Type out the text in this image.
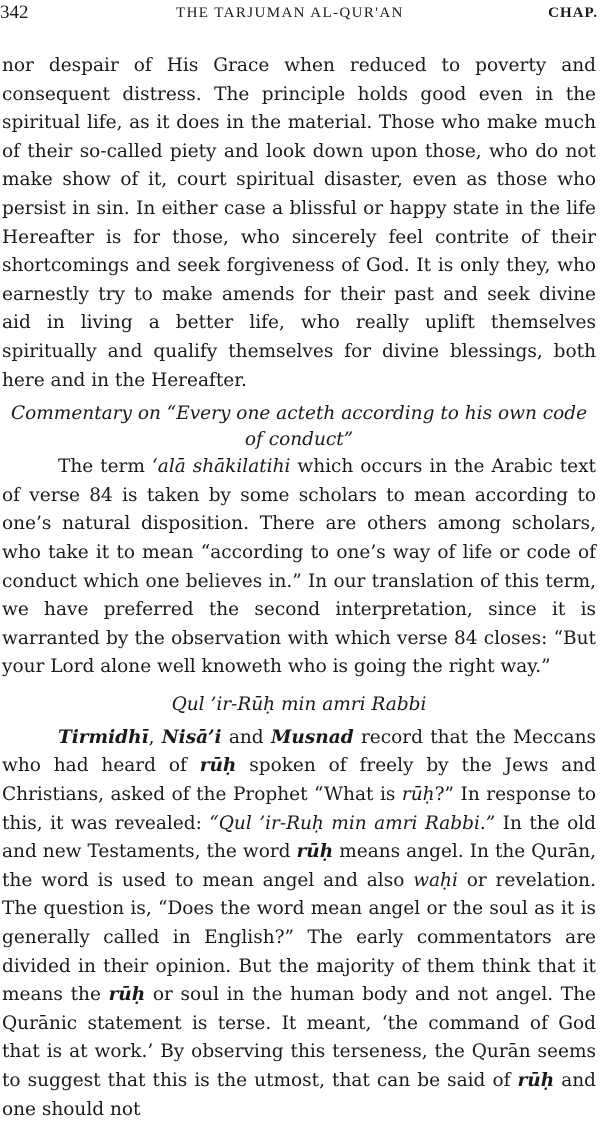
342	THE TARJUMAN AL-QUR'AN	CHAP.

nor despair of His Grace when reduced to poverty and consequent distress. The principle holds good even in the spiritual life, as it does in the material. Those who make much of their so-called piety and look down upon those, who do not make show of it, court spiritual disaster, even as those who persist in sin. In either case a blissful or happy state in the life Hereafter is for those, who sincerely feel contrite of their shortcomings and seek forgiveness of God. It is only they, who earnestly try to make amends for their past and seek divine aid in living a better life, who really uplift themselves spiritually and qualify themselves for divine blessings, both here and in the Hereafter.

Commentary on “Every one acteth according to his own code of conduct”

The term ‘alā shākilatihi which occurs in the Arabic text of verse 84 is taken by some scholars to mean according to one’s natural disposition. There are others among scholars, who take it to mean “according to one’s way of life or code of conduct which one believes in.” In our translation of this term, we have preferred the second interpretation, since it is warranted by the observation with which verse 84 closes: “But your Lord alone well knoweth who is going the right way.”

Qul ’ir-Rūḥ min amri Rabbi

Tirmidhī, Nisā’i and Musnad record that the Meccans who had heard of rūḥ spoken of freely by the Jews and Christians, asked of the Prophet “What is rūḥ?” In response to this, it was revealed: “Qul ’ir-Ruḥ min amri Rabbi.” In the old and new Testaments, the word rūḥ means angel. In the Qurān, the word is used to mean angel and also waḥi or revelation. The question is, “Does the word mean angel or the soul as it is generally called in English?” The early commentators are divided in their opinion. But the majority of them think that it means the rūḥ or soul in the human body and not angel. The Qurānic statement is terse. It meant, ‘the command of God that is at work.’ By observing this terseness, the Qurān seems to suggest that this is the utmost, that can be said of rūḥ and one should not
